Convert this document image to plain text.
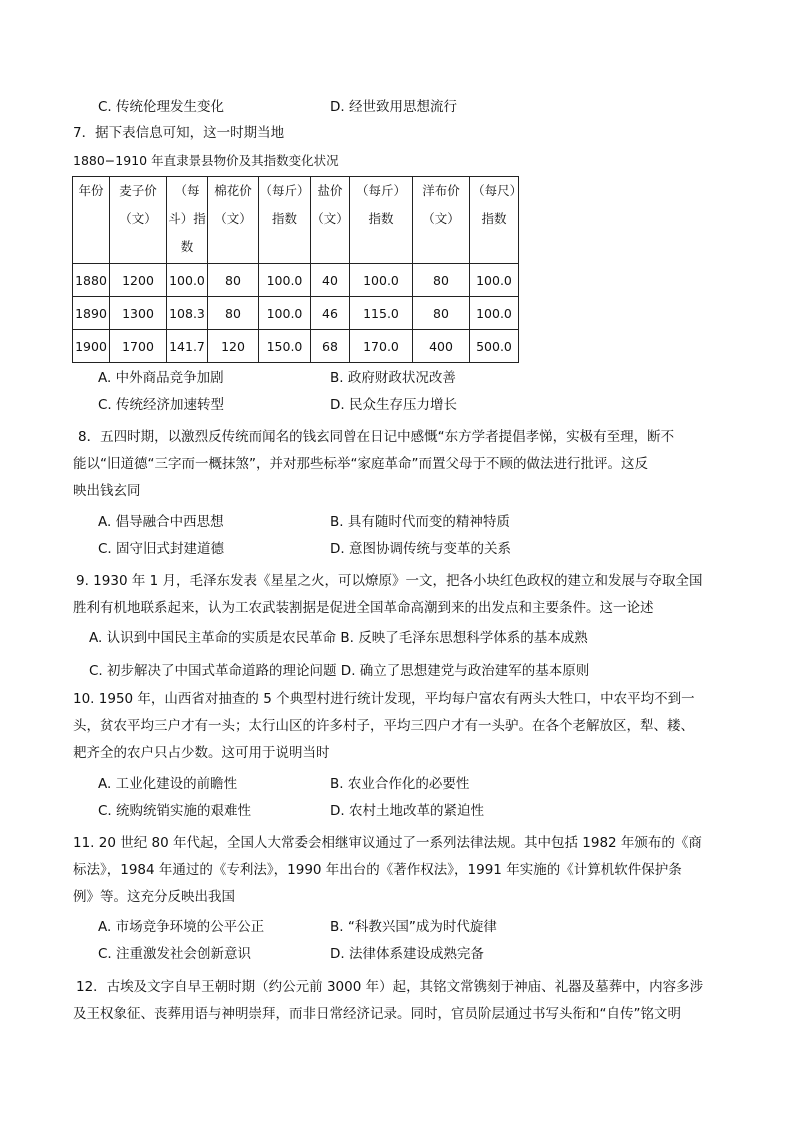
C. 传统伦理发生变化	D. 经世致用思想流行
7．据下表信息可知，这一时期当地
1880−1910 年直隶景县物价及其指数变化状况
年份	麦子价（文）	（每斗）指数	棉花价（文）	（每斤）指数	盐价（文）	（每斤）指数	洋布价（文）	（每尺）指数
1880	1200	100.0	80	100.0	40	100.0	80	100.0
1890	1300	108.3	80	100.0	46	115.0	80	100.0
1900	1700	141.7	120	150.0	68	170.0	400	500.0
A. 中外商品竞争加剧	B. 政府财政状况改善
C. 传统经济加速转型	D. 民众生存压力增长
8．五四时期，以激烈反传统而闻名的钱玄同曾在日记中感慨“东方学者提倡孝悌，实极有至理，断不
能以“旧道德“三字而一概抹煞”，并对那些标举“家庭革命”而置父母于不顾的做法进行批评。这反
映出钱玄同
A. 倡导融合中西思想	B. 具有随时代而变的精神特质
C. 固守旧式封建道德	D. 意图协调传统与变革的关系
9. 1930 年 1 月，毛泽东发表《星星之火，可以燎原》一文，把各小块红色政权的建立和发展与夺取全国
胜利有机地联系起来，认为工农武装割据是促进全国革命高潮到来的出发点和主要条件。这一论述
A. 认识到中国民主革命的实质是农民革命 B. 反映了毛泽东思想科学体系的基本成熟
C. 初步解决了中国式革命道路的理论问题 D. 确立了思想建党与政治建军的基本原则
10. 1950 年，山西省对抽查的 5 个典型村进行统计发现，平均每户富农有两头大牲口，中农平均不到一
头，贫农平均三户才有一头；太行山区的许多村子，平均三四户才有一头驴。在各个老解放区，犁、耧、
耙齐全的农户只占少数。这可用于说明当时
A. 工业化建设的前瞻性	B. 农业合作化的必要性
C. 统购统销实施的艰难性	D. 农村土地改革的紧迫性
11. 20 世纪 80 年代起，全国人大常委会相继审议通过了一系列法律法规。其中包括 1982 年颁布的《商
标法》，1984 年通过的《专利法》，1990 年出台的《著作权法》，1991 年实施的《计算机软件保护条
例》等。这充分反映出我国
A. 市场竞争环境的公平公正	B. “科教兴国”成为时代旋律
C. 注重激发社会创新意识	D. 法律体系建设成熟完备
12．古埃及文字自早王朝时期（约公元前 3000 年）起，其铭文常镌刻于神庙、礼器及墓葬中，内容多涉
及王权象征、丧葬用语与神明崇拜，而非日常经济记录。同时，官员阶层通过书写头衔和“自传”铭文明
